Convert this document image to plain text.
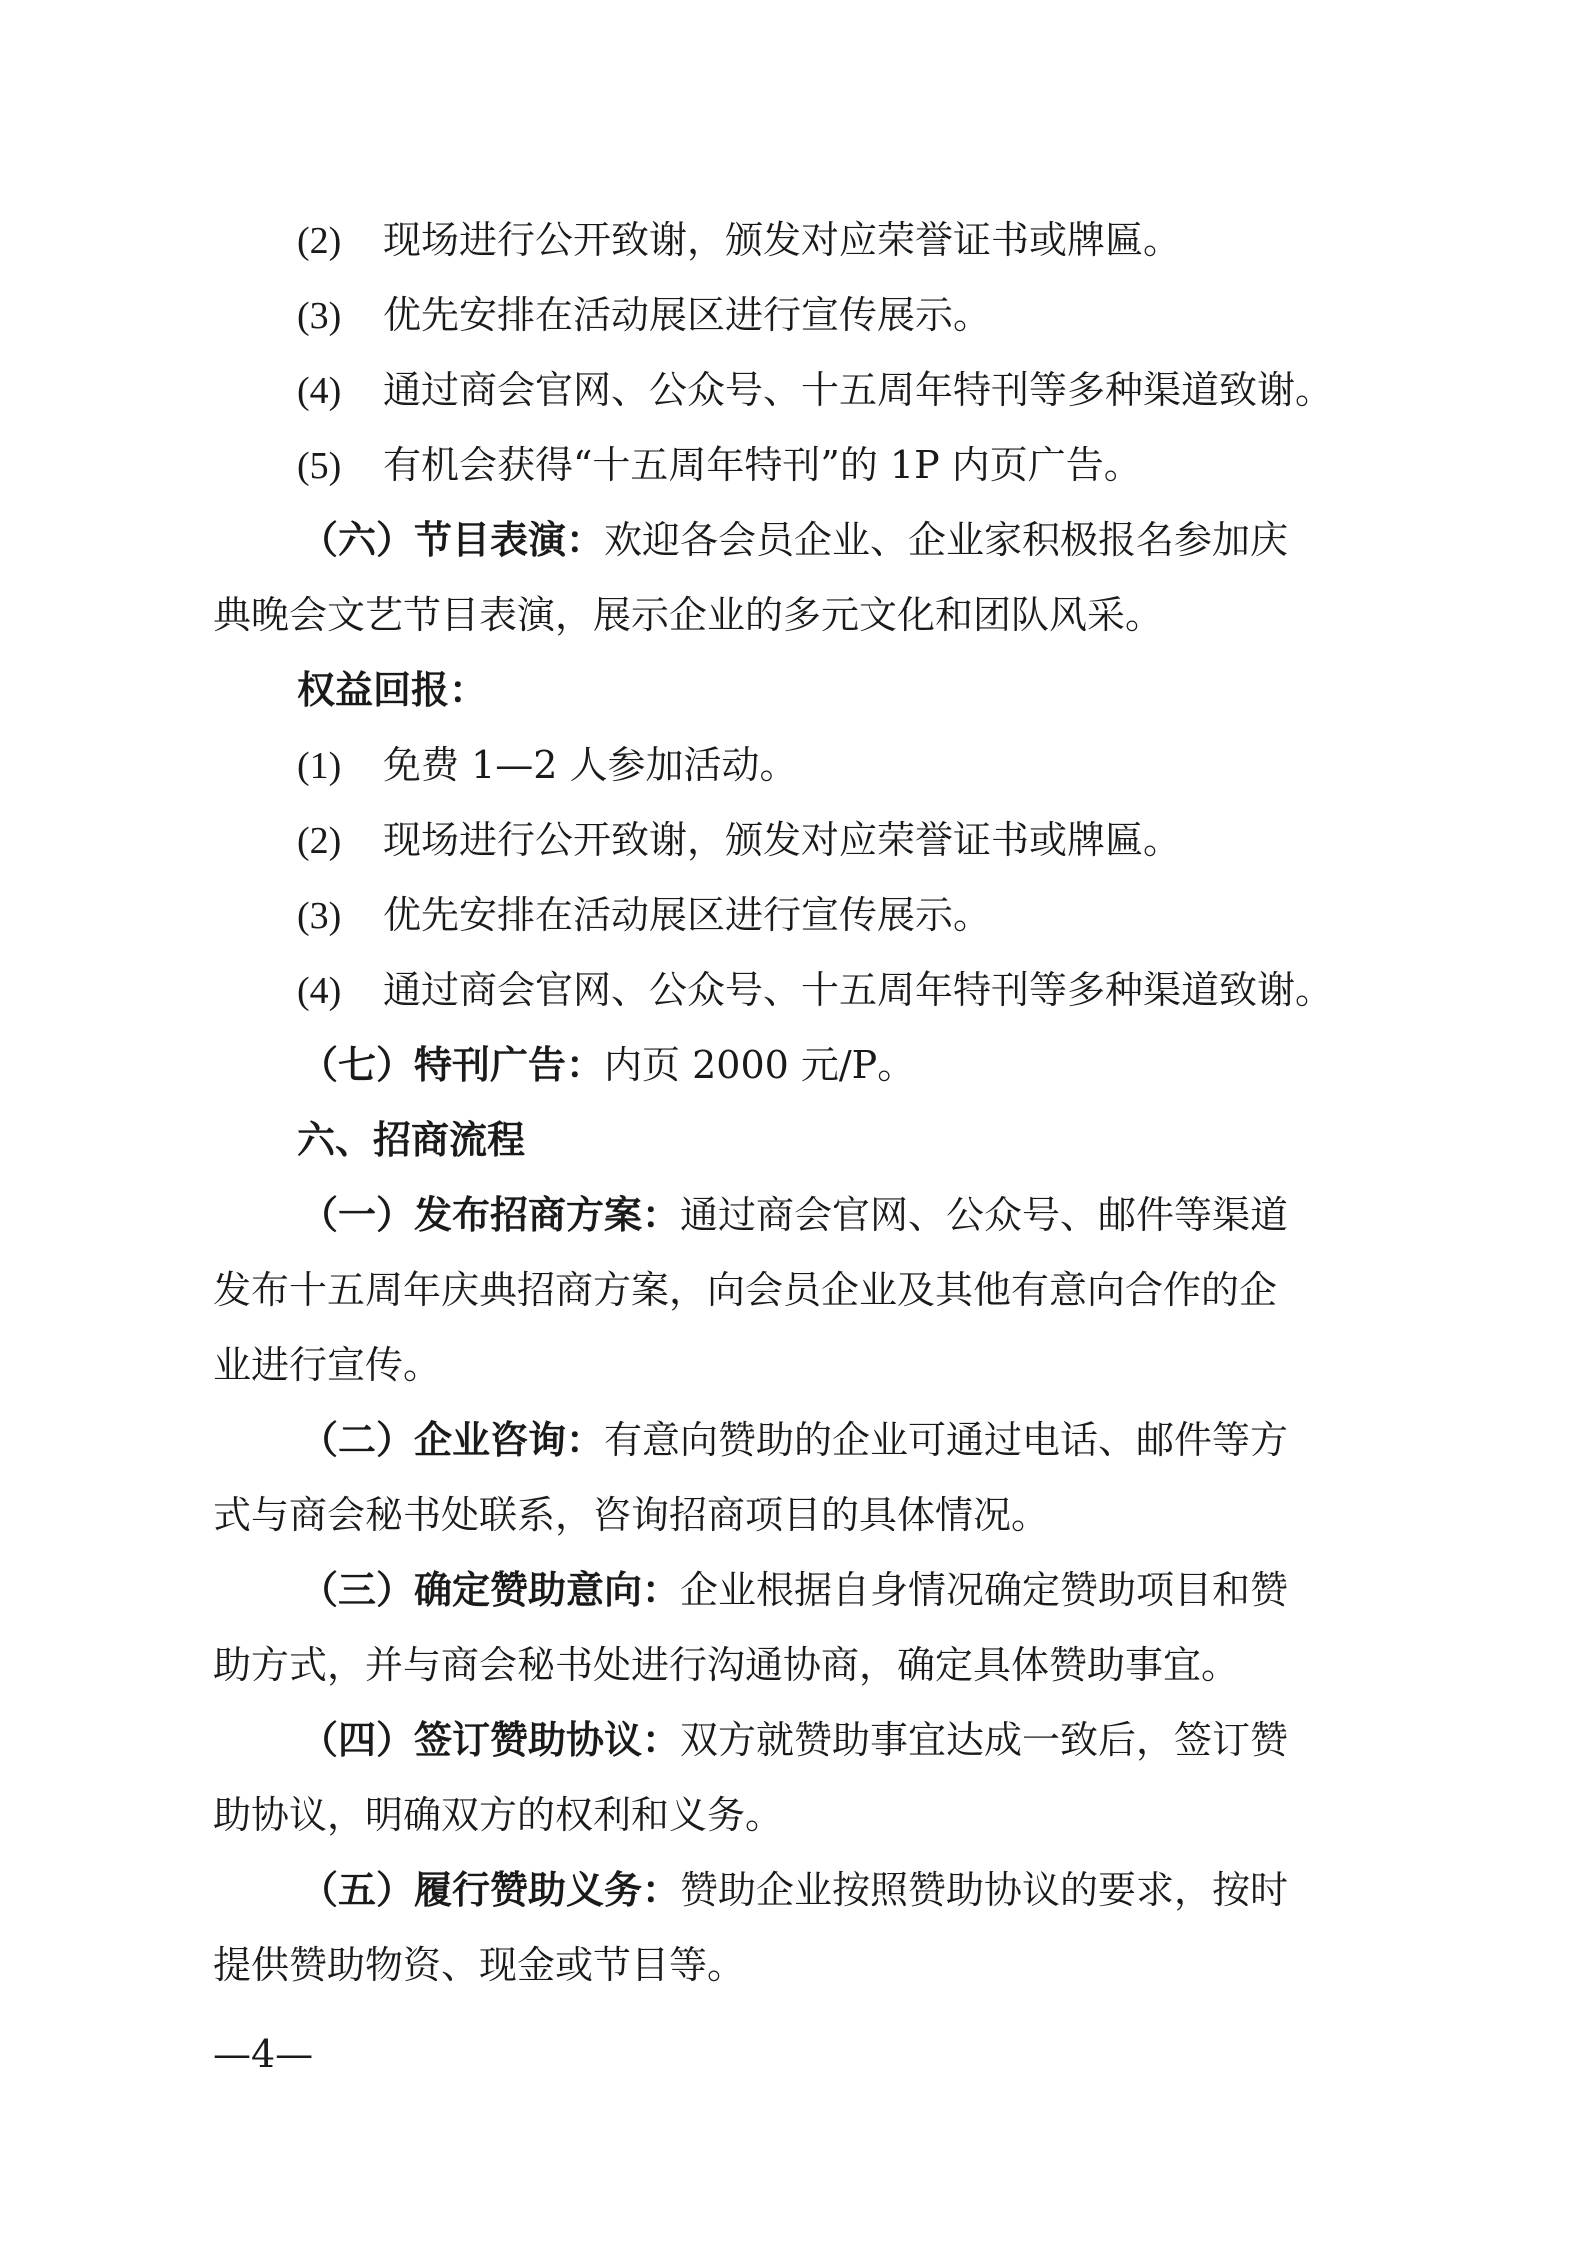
(2) 现场进行公开致谢，颁发对应荣誉证书或牌匾。
(3) 优先安排在活动展区进行宣传展示。
(4) 通过商会官网、公众号、十五周年特刊等多种渠道致谢。
(5) 有机会获得“十五周年特刊”的 1P 内页广告。
（六）节目表演：欢迎各会员企业、企业家积极报名参加庆
典晚会文艺节目表演，展示企业的多元文化和团队风采。
权益回报：
(1) 免费 1—2 人参加活动。
(2) 现场进行公开致谢，颁发对应荣誉证书或牌匾。
(3) 优先安排在活动展区进行宣传展示。
(4) 通过商会官网、公众号、十五周年特刊等多种渠道致谢。
（七）特刊广告：内页 2000 元/P。
六、招商流程
（一）发布招商方案：通过商会官网、公众号、邮件等渠道
发布十五周年庆典招商方案，向会员企业及其他有意向合作的企
业进行宣传。
（二）企业咨询：有意向赞助的企业可通过电话、邮件等方
式与商会秘书处联系，咨询招商项目的具体情况。
（三）确定赞助意向：企业根据自身情况确定赞助项目和赞
助方式，并与商会秘书处进行沟通协商，确定具体赞助事宜。
（四）签订赞助协议：双方就赞助事宜达成一致后，签订赞
助协议，明确双方的权利和义务。
（五）履行赞助义务：赞助企业按照赞助协议的要求，按时
提供赞助物资、现金或节目等。
—4—
